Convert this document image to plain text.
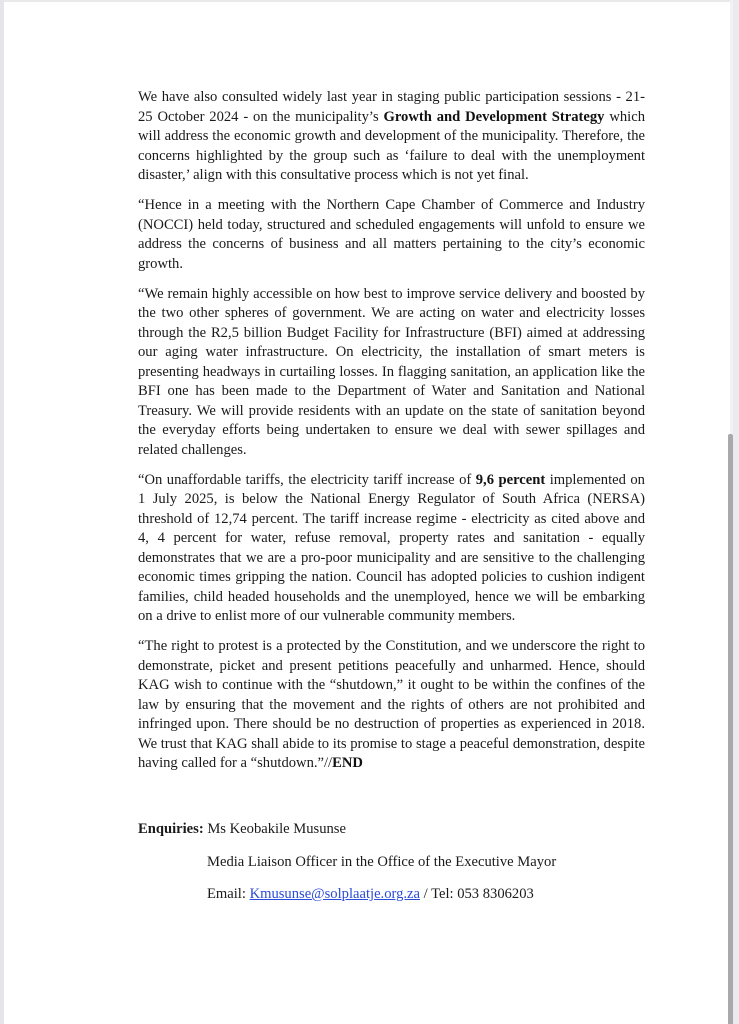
We have also consulted widely last year in staging public participation sessions - 21-25 October 2024 - on the municipality’s Growth and Development Strategy which will address the economic growth and development of the municipality. Therefore, the concerns highlighted by the group such as ‘failure to deal with the unemployment disaster,’ align with this consultative process which is not yet final.

“Hence in a meeting with the Northern Cape Chamber of Commerce and Industry (NOCCI) held today, structured and scheduled engagements will unfold to ensure we address the concerns of business and all matters pertaining to the city’s economic growth.

“We remain highly accessible on how best to improve service delivery and boosted by the two other spheres of government. We are acting on water and electricity losses through the R2,5 billion Budget Facility for Infrastructure (BFI) aimed at addressing our aging water infrastructure. On electricity, the installation of smart meters is presenting headways in curtailing losses. In flagging sanitation, an application like the BFI one has been made to the Department of Water and Sanitation and National Treasury. We will provide residents with an update on the state of sanitation beyond the everyday efforts being undertaken to ensure we deal with sewer spillages and related challenges.

“On unaffordable tariffs, the electricity tariff increase of 9,6 percent implemented on 1 July 2025, is below the National Energy Regulator of South Africa (NERSA) threshold of 12,74 percent. The tariff increase regime - electricity as cited above and 4, 4 percent for water, refuse removal, property rates and sanitation - equally demonstrates that we are a pro-poor municipality and are sensitive to the challenging economic times gripping the nation. Council has adopted policies to cushion indigent families, child headed households and the unemployed, hence we will be embarking on a drive to enlist more of our vulnerable community members.

“The right to protest is a protected by the Constitution, and we underscore the right to demonstrate, picket and present petitions peacefully and unharmed. Hence, should KAG wish to continue with the “shutdown,” it ought to be within the confines of the law by ensuring that the movement and the rights of others are not prohibited and infringed upon. There should be no destruction of properties as experienced in 2018. We trust that KAG shall abide to its promise to stage a peaceful demonstration, despite having called for a “shutdown.”//END

Enquiries: Ms Keobakile Musunse
Media Liaison Officer in the Office of the Executive Mayor
Email: Kmusunse@solplaatje.org.za / Tel: 053 8306203
